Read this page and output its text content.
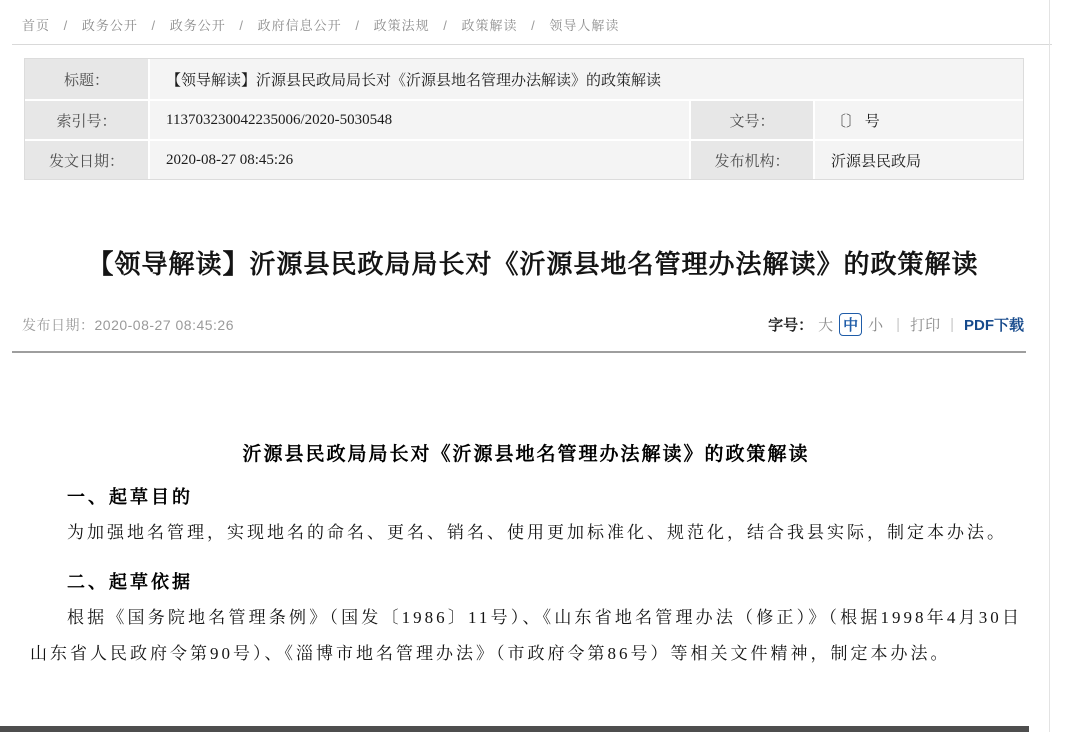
首页 / 政务公开 / 政务公开 / 政府信息公开 / 政策法规 / 政策解读 / 领导人解读
标题：	【领导解读】沂源县民政局局长对《沂源县地名管理办法解读》的政策解读
索引号：	113703230042235006/2020-5030548	文号：	〔〕 号
发文日期：	2020-08-27 08:45:26	发布机构：	沂源县民政局
【领导解读】沂源县民政局局长对《沂源县地名管理办法解读》的政策解读
发布日期：2020-08-27 08:45:26	字号： 大 中 小 | 打印 | PDF下载
沂源县民政局局长对《沂源县地名管理办法解读》的政策解读
一、起草目的

为加强地名管理，实现地名的命名、更名、销名、使用更加标准化、规范化，结合我县实际，制定本办法。

二、起草依据

根据《国务院地名管理条例》（国发〔1986〕11号）、《山东省地名管理办法（修正）》（根据1998年4月30日山东省人民政府令第90号）、《淄博市地名管理办法》（市政府令第86号）等相关文件精神，制定本办法。
